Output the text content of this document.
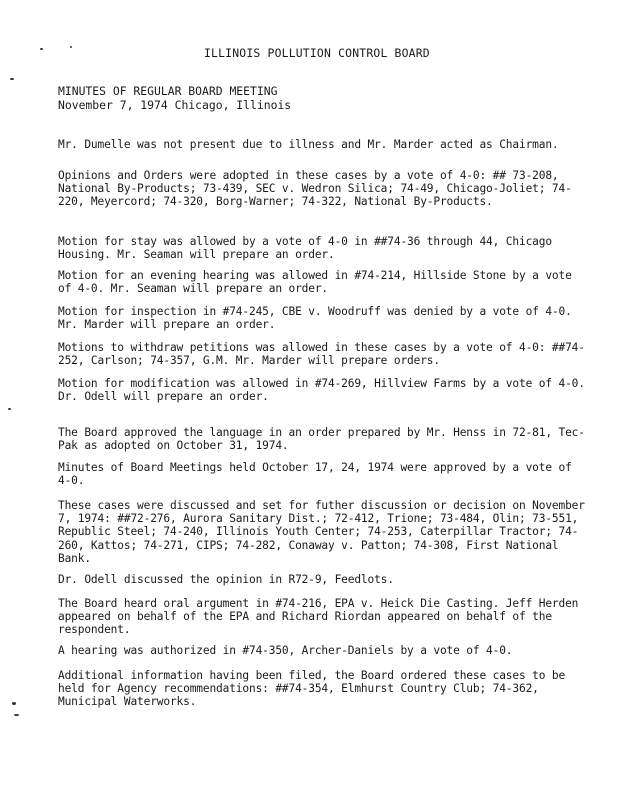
ILLINOIS POLLUTION CONTROL BOARD
MINUTES OF REGULAR BOARD MEETING
November 7, 1974 Chicago, Illinois

Mr. Dumelle was not present due to illness and Mr. Marder acted as Chairman.

Opinions and Orders were adopted in these cases by a vote of 4-0: ## 73-208, National By-Products; 73-439, SEC v. Wedron Silica; 74-49, Chicago-Joliet; 74-220, Meyercord; 74-320, Borg-Warner; 74-322, National By-Products.

Motion for stay was allowed by a vote of 4-0 in ##74-36 through 44, Chicago Housing. Mr. Seaman will prepare an order.

Motion for an evening hearing was allowed in #74-214, Hillside Stone by a vote of 4-0. Mr. Seaman will prepare an order.

Motion for inspection in #74-245, CBE v. Woodruff was denied by a vote of 4-0. Mr. Marder will prepare an order.

Motions to withdraw petitions was allowed in these cases by a vote of 4-0: ##74-252, Carlson; 74-357, G.M. Mr. Marder will prepare orders.

Motion for modification was allowed in #74-269, Hillview Farms by a vote of 4-0. Dr. Odell will prepare an order.

The Board approved the language in an order prepared by Mr. Henss in 72-81, Tec-Pak as adopted on October 31, 1974.

Minutes of Board Meetings held October 17, 24, 1974 were approved by a vote of 4-0.

These cases were discussed and set for futher discussion or decision on November 7, 1974: ##72-276, Aurora Sanitary Dist.; 72-412, Trione; 73-484, Olin; 73-551, Republic Steel; 74-240, Illinois Youth Center; 74-253, Caterpillar Tractor; 74-260, Kattos; 74-271, CIPS; 74-282, Conaway v. Patton; 74-308, First National Bank.

Dr. Odell discussed the opinion in R72-9, Feedlots.

The Board heard oral argument in #74-216, EPA v. Heick Die Casting. Jeff Herden appeared on behalf of the EPA and Richard Riordan appeared on behalf of the respondent.

A hearing was authorized in #74-350, Archer-Daniels by a vote of 4-0.

Additional information having been filed, the Board ordered these cases to be held for Agency recommendations: ##74-354, Elmhurst Country Club; 74-362, Municipal Waterworks.
